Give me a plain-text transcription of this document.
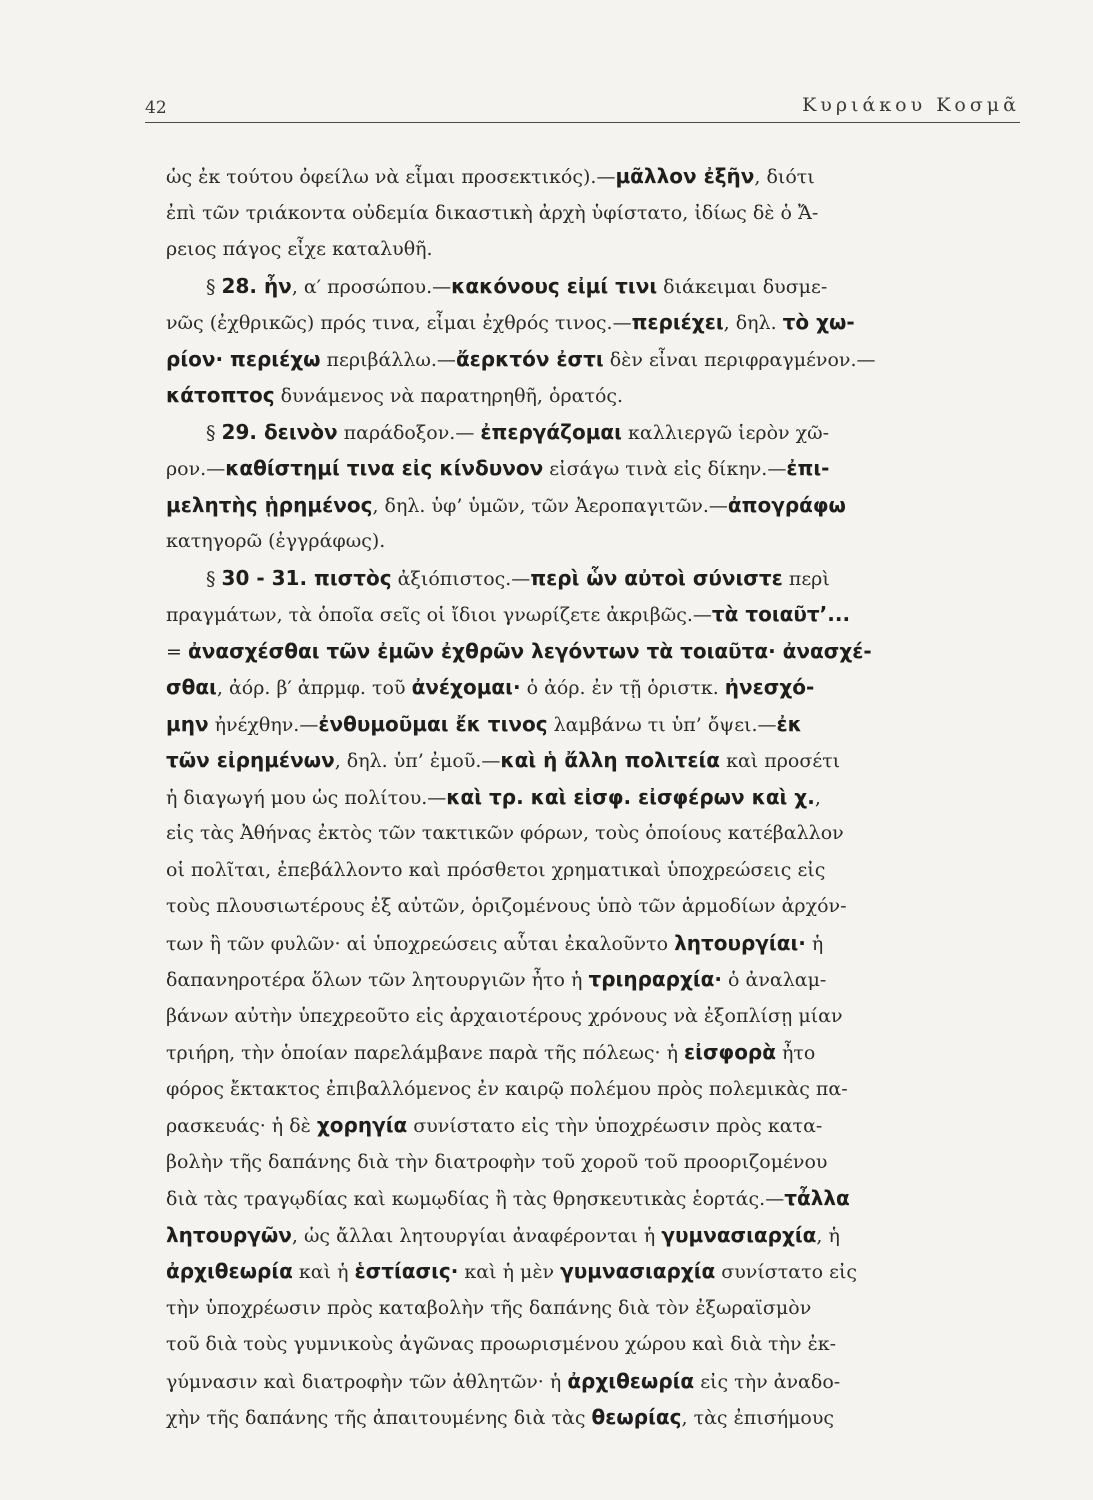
42	Κυριάκου Κοσμᾶ
ὡς ἐκ τούτου ὀφείλω νὰ εἶμαι προσεκτικός).—μᾶλλον ἐξῆν, διότι
ἐπὶ τῶν τριάκοντα οὐδεμία δικαστικὴ ἀρχὴ ὑφίστατο, ἰδίως δὲ ὁ Ἄ-
ρειος πάγος εἶχε καταλυθῆ.
§ 28. ἦν, α′ προσώπου.—κακόνους εἰμί τινι διάκειμαι δυσμε-
νῶς (ἐχθρικῶς) πρός τινα, εἶμαι ἐχθρός τινος.—περιέχει, δηλ. τὸ χω-
ρίον· περιέχω περιβάλλω.—ἄερκτόν ἐστι δὲν εἶναι περιφραγμένον.—
κάτοπτος δυνάμενος νὰ παρατηρηθῆ, ὁρατός.
§ 29. δεινὸν παράδοξον.— ἐπεργάζομαι καλλιεργῶ ἱερὸν χῶ-
ρον.—καθίστημί τινα εἰς κίνδυνον εἰσάγω τινὰ εἰς δίκην.—ἐπι-
μελητὴς ᾑρημένος, δηλ. ὑφ’ ὑμῶν, τῶν Ἀεροπαγιτῶν.—ἀπογράφω
κατηγορῶ (ἐγγράφως).
§ 30 - 31. πιστὸς ἀξιόπιστος.—περὶ ὧν αὐτοὶ σύνιστε περὶ
πραγμάτων, τὰ ὁποῖα σεῖς οἱ ἴδιοι γνωρίζετε ἀκριβῶς.—τὰ τοιαῦτ’...
= ἀνασχέσθαι τῶν ἐμῶν ἐχθρῶν λεγόντων τὰ τοιαῦτα· ἀνασχέ-
σθαι, ἀόρ. β′ ἀπρμφ. τοῦ ἀνέχομαι· ὁ ἀόρ. ἐν τῇ ὁριστκ. ἠνεσχό-
μην ἠνέχθην.—ἐνθυμοῦμαι ἔκ τινος λαμβάνω τι ὑπ’ ὄψει.—ἐκ
τῶν εἰρημένων, δηλ. ὑπ’ ἐμοῦ.—καὶ ἡ ἄλλη πολιτεία καὶ προσέτι
ἡ διαγωγή μου ὡς πολίτου.—καὶ τρ. καὶ εἰσφ. εἰσφέρων καὶ χ.,
εἰς τὰς Ἀθήνας ἐκτὸς τῶν τακτικῶν φόρων, τοὺς ὁποίους κατέβαλλον
οἱ πολῖται, ἐπεβάλλοντο καὶ πρόσθετοι χρηματικαὶ ὑποχρεώσεις εἰς
τοὺς πλουσιωτέρους ἐξ αὐτῶν, ὁριζομένους ὑπὸ τῶν ἁρμοδίων ἀρχόν-
των ἢ τῶν φυλῶν· αἱ ὑποχρεώσεις αὗται ἐκαλοῦντο λητουργίαι· ἡ
δαπανηροτέρα ὅλων τῶν λητουργιῶν ἦτο ἡ τριηραρχία· ὁ ἀναλαμ-
βάνων αὐτὴν ὑπεχρεοῦτο εἰς ἀρχαιοτέρους χρόνους νὰ ἐξοπλίσῃ μίαν
τριήρη, τὴν ὁποίαν παρελάμβανε παρὰ τῆς πόλεως· ἡ εἰσφορὰ ἦτο
φόρος ἔκτακτος ἐπιβαλλόμενος ἐν καιρῷ πολέμου πρὸς πολεμικὰς πα-
ρασκευάς· ἡ δὲ χορηγία συνίστατο εἰς τὴν ὑποχρέωσιν πρὸς κατα-
βολὴν τῆς δαπάνης διὰ τὴν διατροφὴν τοῦ χοροῦ τοῦ προοριζομένου
διὰ τὰς τραγῳδίας καὶ κωμῳδίας ἢ τὰς θρησκευτικὰς ἑορτάς.—τἆλλα
λητουργῶν, ὡς ἄλλαι λητουργίαι ἀναφέρονται ἡ γυμνασιαρχία, ἡ
ἀρχιθεωρία καὶ ἡ ἑστίασις· καὶ ἡ μὲν γυμνασιαρχία συνίστατο εἰς
τὴν ὑποχρέωσιν πρὸς καταβολὴν τῆς δαπάνης διὰ τὸν ἐξωραϊσμὸν
τοῦ διὰ τοὺς γυμνικοὺς ἀγῶνας προωρισμένου χώρου καὶ διὰ τὴν ἐκ-
γύμνασιν καὶ διατροφὴν τῶν ἀθλητῶν· ἡ ἀρχιθεωρία εἰς τὴν ἀναδο-
χὴν τῆς δαπάνης τῆς ἀπαιτουμένης διὰ τὰς θεωρίας, τὰς ἐπισήμους
